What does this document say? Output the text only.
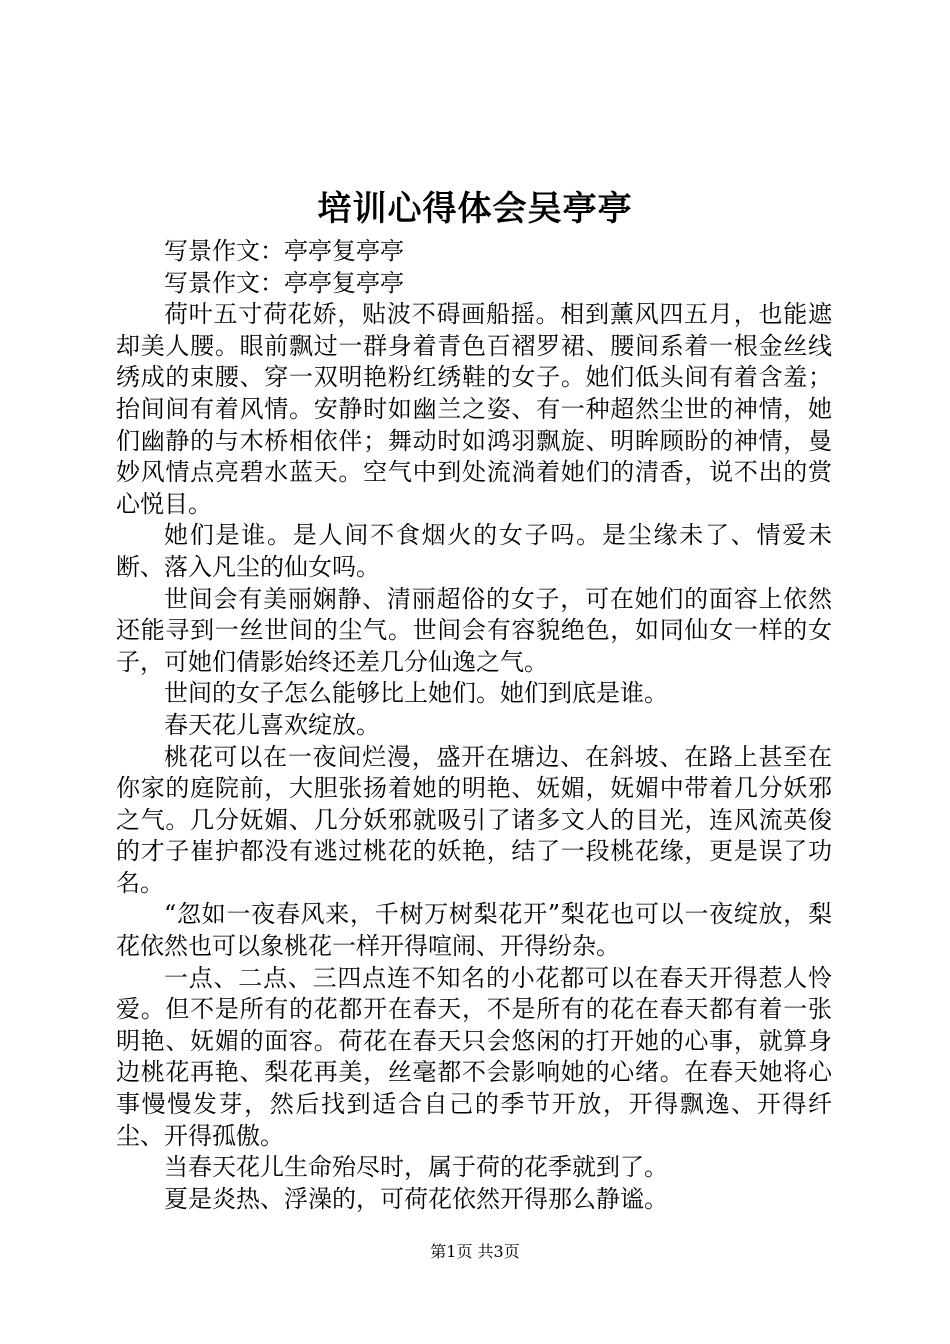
培训心得体会吴亭亭

写景作文：亭亭复亭亭

写景作文：亭亭复亭亭

荷叶五寸荷花娇，贴波不碍画船摇。相到薰风四五月，也能遮却美人腰。眼前飘过一群身着青色百褶罗裙、腰间系着一根金丝线绣成的束腰、穿一双明艳粉红绣鞋的女子。她们低头间有着含羞；抬间间有着风情。安静时如幽兰之姿、有一种超然尘世的神情，她们幽静的与木桥相依伴；舞动时如鸿羽飘旋、明眸顾盼的神情，曼妙风情点亮碧水蓝天。空气中到处流淌着她们的清香，说不出的赏心悦目。

她们是谁。是人间不食烟火的女子吗。是尘缘未了、情爱未断、落入凡尘的仙女吗。

世间会有美丽娴静、清丽超俗的女子，可在她们的面容上依然还能寻到一丝世间的尘气。世间会有容貌绝色，如同仙女一样的女子，可她们倩影始终还差几分仙逸之气。

世间的女子怎么能够比上她们。她们到底是谁。

春天花儿喜欢绽放。

桃花可以在一夜间烂漫，盛开在塘边、在斜坡、在路上甚至在你家的庭院前，大胆张扬着她的明艳、妩媚，妩媚中带着几分妖邪之气。几分妩媚、几分妖邪就吸引了诸多文人的目光，连风流英俊的才子崔护都没有逃过桃花的妖艳，结了一段桃花缘，更是误了功名。

“忽如一夜春风来，千树万树梨花开”梨花也可以一夜绽放，梨花依然也可以象桃花一样开得喧闹、开得纷杂。

一点、二点、三四点连不知名的小花都可以在春天开得惹人怜爱。但不是所有的花都开在春天，不是所有的花在春天都有着一张明艳、妩媚的面容。荷花在春天只会悠闲的打开她的心事，就算身边桃花再艳、梨花再美，丝毫都不会影响她的心绪。在春天她将心事慢慢发芽，然后找到适合自己的季节开放，开得飘逸、开得纤尘、开得孤傲。

当春天花儿生命殆尽时，属于荷的花季就到了。

夏是炎热、浮澡的，可荷花依然开得那么静谧。

第1页 共3页
